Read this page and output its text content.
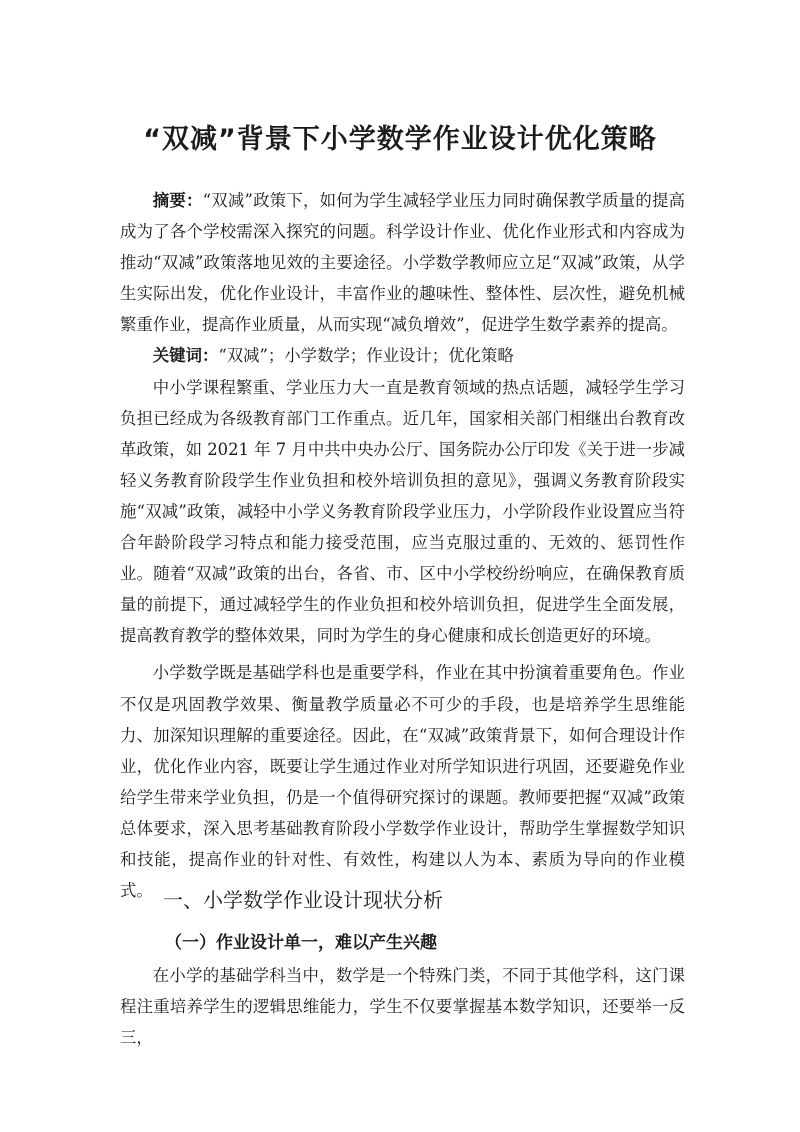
“双减”背景下小学数学作业设计优化策略

摘要：“双减”政策下，如何为学生减轻学业压力同时确保教学质量的提高成为了各个学校需深入探究的问题。科学设计作业、优化作业形式和内容成为推动“双减”政策落地见效的主要途径。小学数学教师应立足“双减”政策，从学生实际出发，优化作业设计，丰富作业的趣味性、整体性、层次性，避免机械繁重作业，提高作业质量，从而实现“减负增效”，促进学生数学素养的提高。

关键词：“双减”；小学数学；作业设计；优化策略

中小学课程繁重、学业压力大一直是教育领域的热点话题，减轻学生学习负担已经成为各级教育部门工作重点。近几年，国家相关部门相继出台教育改革政策，如 2021 年 7 月中共中央办公厅、国务院办公厅印发《关于进一步减轻义务教育阶段学生作业负担和校外培训负担的意见》，强调义务教育阶段实施“双减”政策，减轻中小学义务教育阶段学业压力，小学阶段作业设置应当符合年龄阶段学习特点和能力接受范围，应当克服过重的、无效的、惩罚性作业。随着“双减”政策的出台，各省、市、区中小学校纷纷响应，在确保教育质量的前提下，通过减轻学生的作业负担和校外培训负担，促进学生全面发展，提高教育教学的整体效果，同时为学生的身心健康和成长创造更好的环境。

小学数学既是基础学科也是重要学科，作业在其中扮演着重要角色。作业不仅是巩固教学效果、衡量教学质量必不可少的手段，也是培养学生思维能力、加深知识理解的重要途径。因此，在“双减”政策背景下，如何合理设计作业，优化作业内容，既要让学生通过作业对所学知识进行巩固，还要避免作业给学生带来学业负担，仍是一个值得研究探讨的课题。教师要把握“双减”政策总体要求，深入思考基础教育阶段小学数学作业设计，帮助学生掌握数学知识和技能，提高作业的针对性、有效性，构建以人为本、素质为导向的作业模式。 一、小学数学作业设计现状分析
（一）作业设计单一，难以产生兴趣

在小学的基础学科当中，数学是一个特殊门类，不同于其他学科，这门课程注重培养学生的逻辑思维能力，学生不仅要掌握基本数学知识，还要举一反三，
